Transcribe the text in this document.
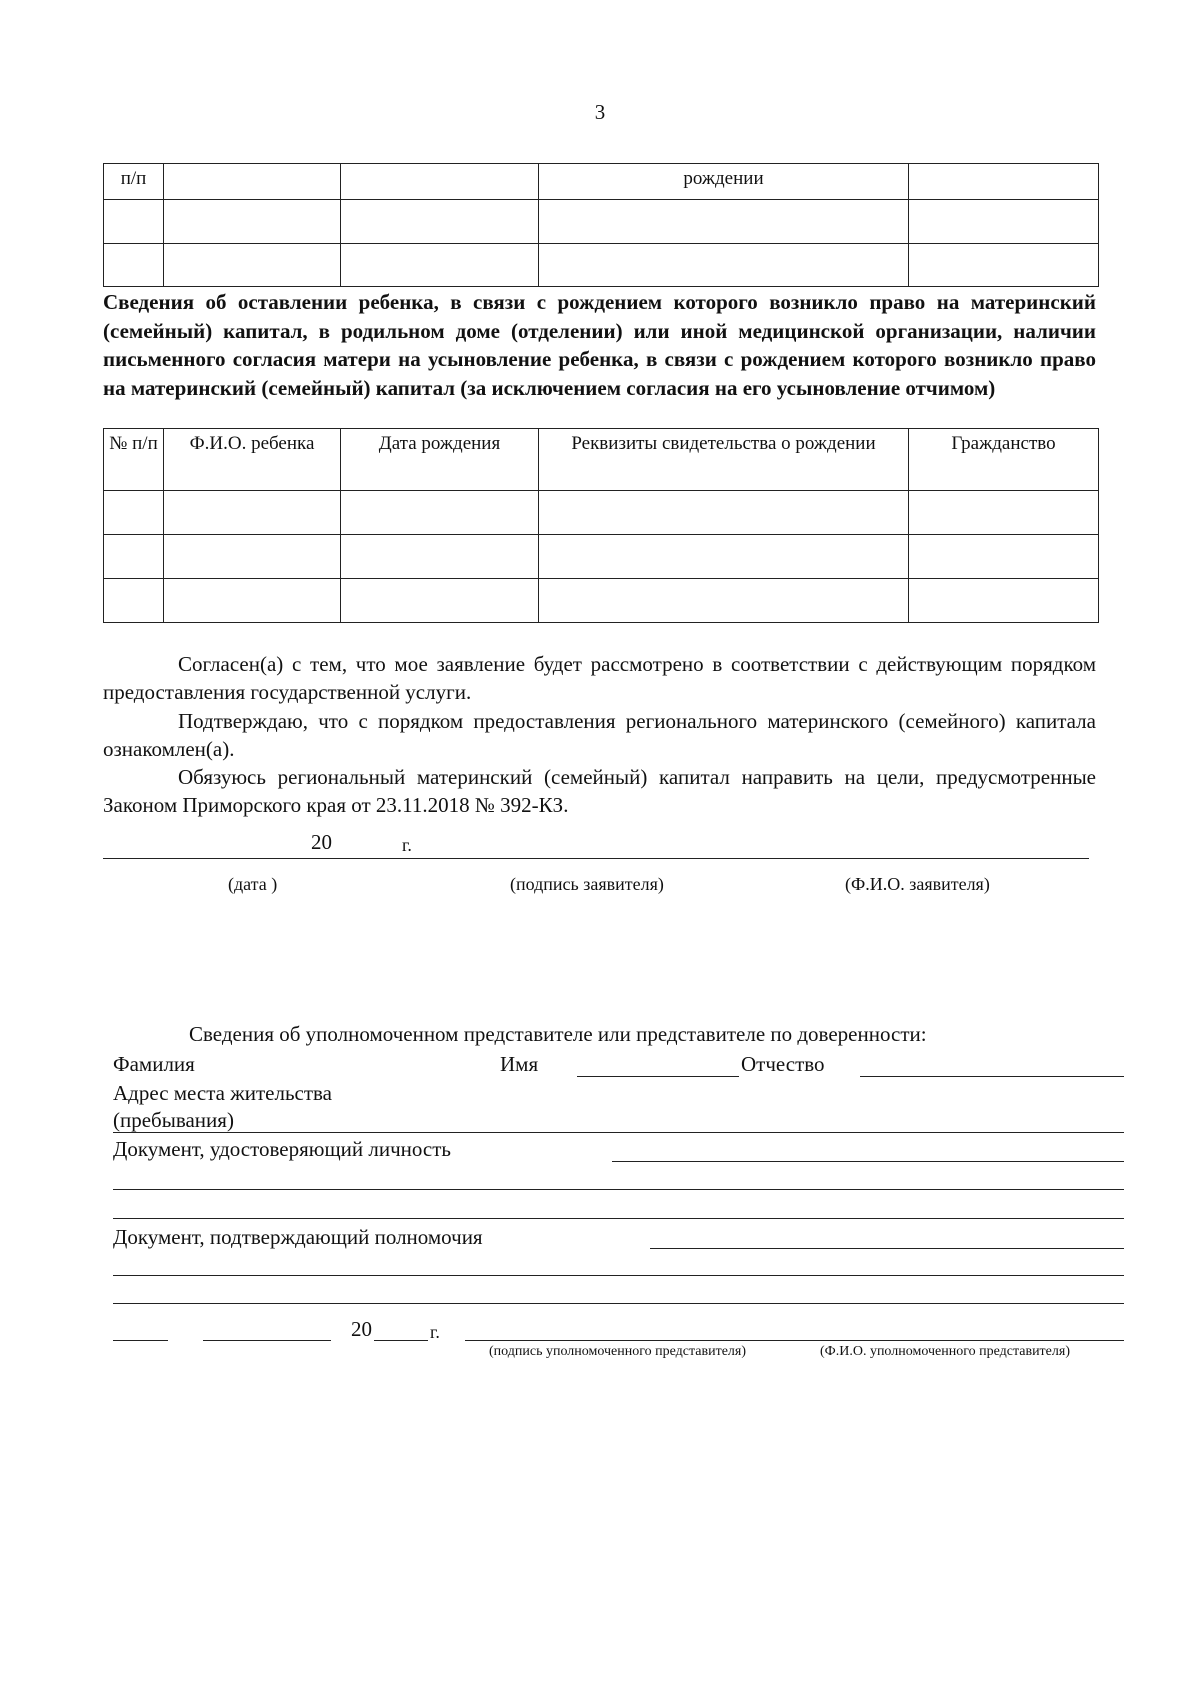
3
п/п			рождении	

Сведения об оставлении ребенка, в связи с рождением которого возникло право на материнский (семейный) капитал, в родильном доме (отделении) или иной медицинской организации, наличии письменного согласия матери на усыновление ребенка, в связи с рождением которого возникло право на материнский (семейный) капитал (за исключением согласия на его усыновление отчимом)
№ п/п	Ф.И.О. ребенка	Дата рождения	Реквизиты свидетельства о рождении	Гражданство

Согласен(а) с тем, что мое заявление будет рассмотрено в соответствии с действующим порядком предоставления государственной услуги.
Подтверждаю, что с порядком предоставления регионального материнского (семейного) капитала ознакомлен(а).
Обязуюсь региональный материнский (семейный) капитал направить на цели, предусмотренные Законом Приморского края от 23.11.2018 № 392-КЗ.
20	г.
(дата )	(подпись заявителя)	(Ф.И.О. заявителя)
Сведения об уполномоченном представителе или представителе по доверенности:
Фамилия	Имя	Отчество
Адрес места жительства
(пребывания)
Документ, удостоверяющий личность
Документ, подтверждающий полномочия
20	г.
(подпись уполномоченного представителя)	(Ф.И.О. уполномоченного представителя)
